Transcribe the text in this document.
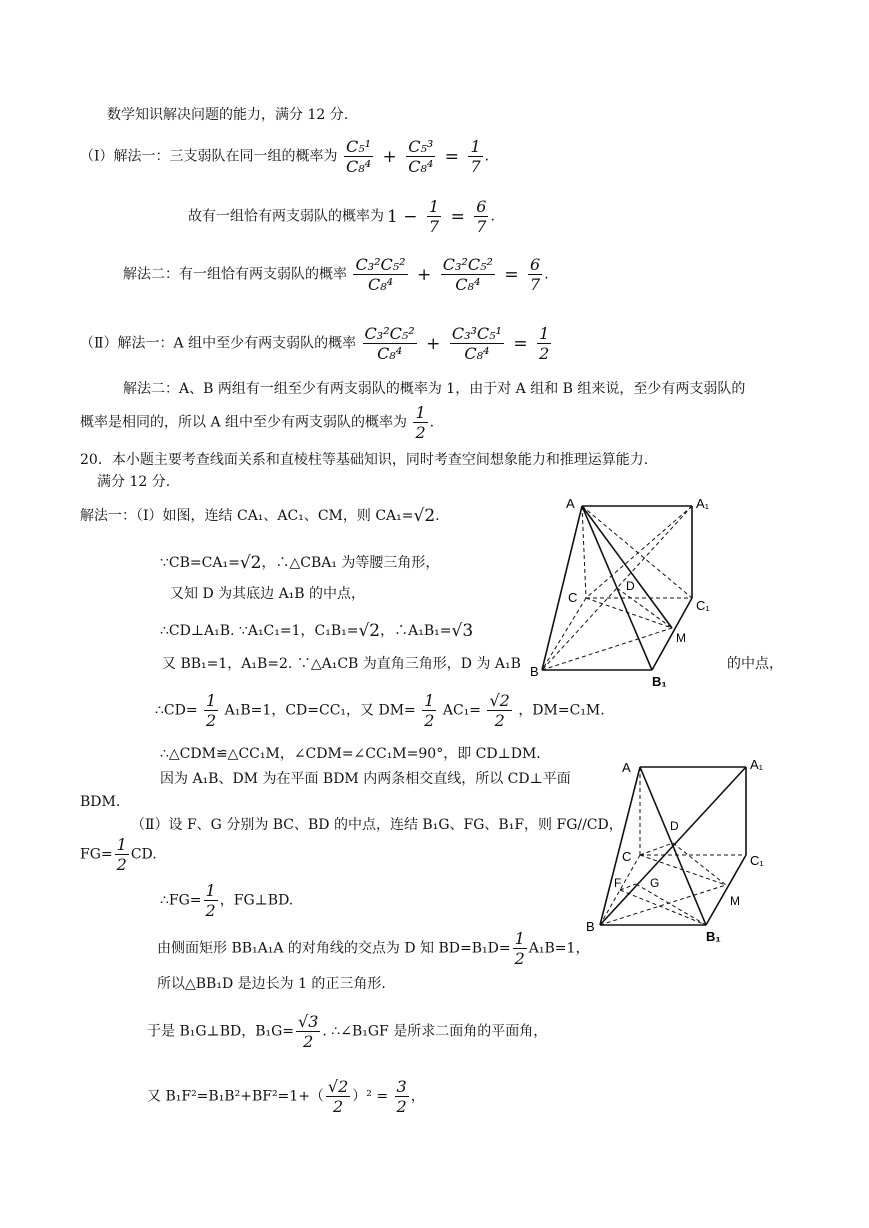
数学知识解决问题的能力，满分 12 分.
（Ⅰ）解法一：三支弱队在同一组的概率为 $\frac{\text{C₅¹}}{\text{C₈⁴}} + \frac{\text{C₅³}}{\text{C₈⁴}} = \frac{1}{7}$ .
故有一组恰有两支弱队的概率为 $1 - \frac{1}{7} = \frac{6}{7}$ .
解法二：有一组恰有两支弱队的概率 $\frac{\text{C₃²C₅²}}{\text{C₈⁴}} + \frac{\text{C₃²C₅²}}{\text{C₈⁴}} = \frac{6}{7}$ .
（Ⅱ）解法一：A 组中至少有两支弱队的概率 $\frac{\text{C₃²C₅²}}{\text{C₈⁴}} + \frac{\text{C₃³C₅¹}}{\text{C₈⁴}} = \frac{1}{2}$
解法二：A、B 两组有一组至少有两支弱队的概率为 1，由于对 A 组和 B 组来说，至少有两支弱队的
概率是相同的，所以 A 组中至少有两支弱队的概率为 $\frac{1}{2}$ .
20．本小题主要考查线面关系和直棱柱等基础知识，同时考查空间想象能力和推理运算能力.
满分 12 分.
解法一：（Ⅰ）如图，连结 CA₁、AC₁、CM，则 CA₁=√2.
∵CB=CA₁=√2，∴△CBA₁ 为等腰三角形，
又知 D 为其底边 A₁B 的中点，
∴CD⊥A₁B. ∵A₁C₁=1，C₁B₁=√2，∴A₁B₁=√3
又 BB₁=1，A₁B=2. ∵△A₁CB 为直角三角形，D 为 A₁B	的中点，
∴CD= $\frac{1}{2} A_1B=1$，CD=CC₁，又 $DM= \frac{1}{2} AC_1= \frac{√2}{2}$ ，DM=C₁M.
∴△CDM≌△CC₁M，∠CDM=∠CC₁M=90°，即 CD⊥DM.
因为 A₁B、DM 为在平面 BDM 内两条相交直线，所以 CD⊥平面
BDM.
（Ⅱ）设 F、G 分别为 BC、BD 的中点，连结 B₁G、FG、B₁F，则 FG//CD，
$FG= \frac{1}{2}$ CD.
∴FG= $\frac{1}{2}$ ，FG⊥BD.
由侧面矩形 BB₁A₁A 的对角线的交点为 D 知 $BD=B_1D= \frac{1}{2} A_1B=1$，
所以△BB₁D 是边长为 1 的正三角形.
于是 B₁G⊥BD，$B_1G= \frac{√3}{2}$ . ∴∠B₁GF 是所求二面角的平面角，
又 $B_1F^2=B_1B^2+BF^2=1+( \frac{√2}{2} )^2 = \frac{3}{2}$ ，
A	A₁
D
C
C₁
M
B
B₁
A	A₁
D
C	C₁
F G
M
B
B₁
